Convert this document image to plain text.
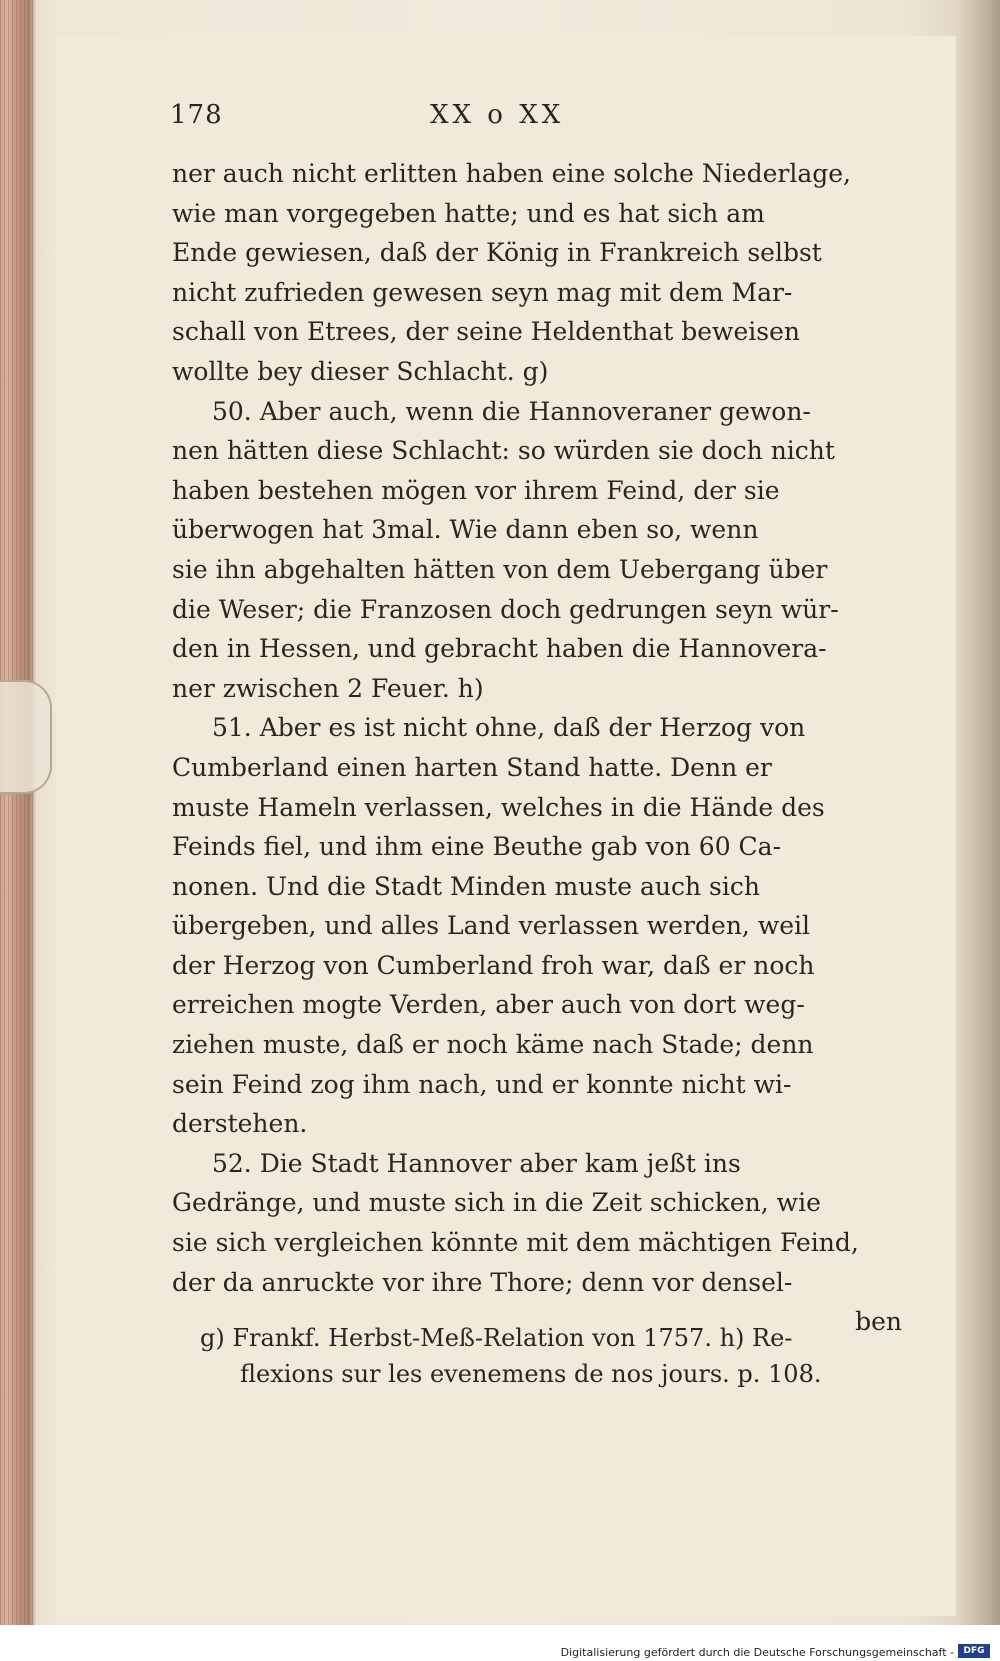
178	XX o XX
ner auch nicht erlitten haben eine solche Niederlage,
wie man vorgegeben hatte; und es hat sich am
Ende gewiesen, daß der König in Frankreich selbst
nicht zufrieden gewesen seyn mag mit dem Mar-
schall von Etrees, der seine Heldenthat beweisen
wollte bey dieser Schlacht. g)
50. Aber auch, wenn die Hannoveraner gewon-
nen hätten diese Schlacht: so würden sie doch nicht
haben bestehen mögen vor ihrem Feind, der sie
überwogen hat 3mal. Wie dann eben so, wenn
sie ihn abgehalten hätten von dem Uebergang über
die Weser; die Franzosen doch gedrungen seyn wür-
den in Hessen, und gebracht haben die Hannovera-
ner zwischen 2 Feuer. h)
51. Aber es ist nicht ohne, daß der Herzog von
Cumberland einen harten Stand hatte. Denn er
muste Hameln verlassen, welches in die Hände des
Feinds fiel, und ihm eine Beuthe gab von 60 Ca-
nonen. Und die Stadt Minden muste auch sich
übergeben, und alles Land verlassen werden, weil
der Herzog von Cumberland froh war, daß er noch
erreichen mogte Verden, aber auch von dort weg-
ziehen muste, daß er noch käme nach Stade; denn
sein Feind zog ihm nach, und er konnte nicht wi-
derstehen.
52. Die Stadt Hannover aber kam jeßt ins
Gedränge, und muste sich in die Zeit schicken, wie
sie sich vergleichen könnte mit dem mächtigen Feind,
der da anruckte vor ihre Thore; denn vor densel-
ben
g) Frankf. Herbst-Meß-Relation von 1757. h) Re-
flexions sur les evenemens de nos jours. p. 108.
Digitalisierung gefördert durch die Deutsche Forschungsgemeinschaft -	DFG
